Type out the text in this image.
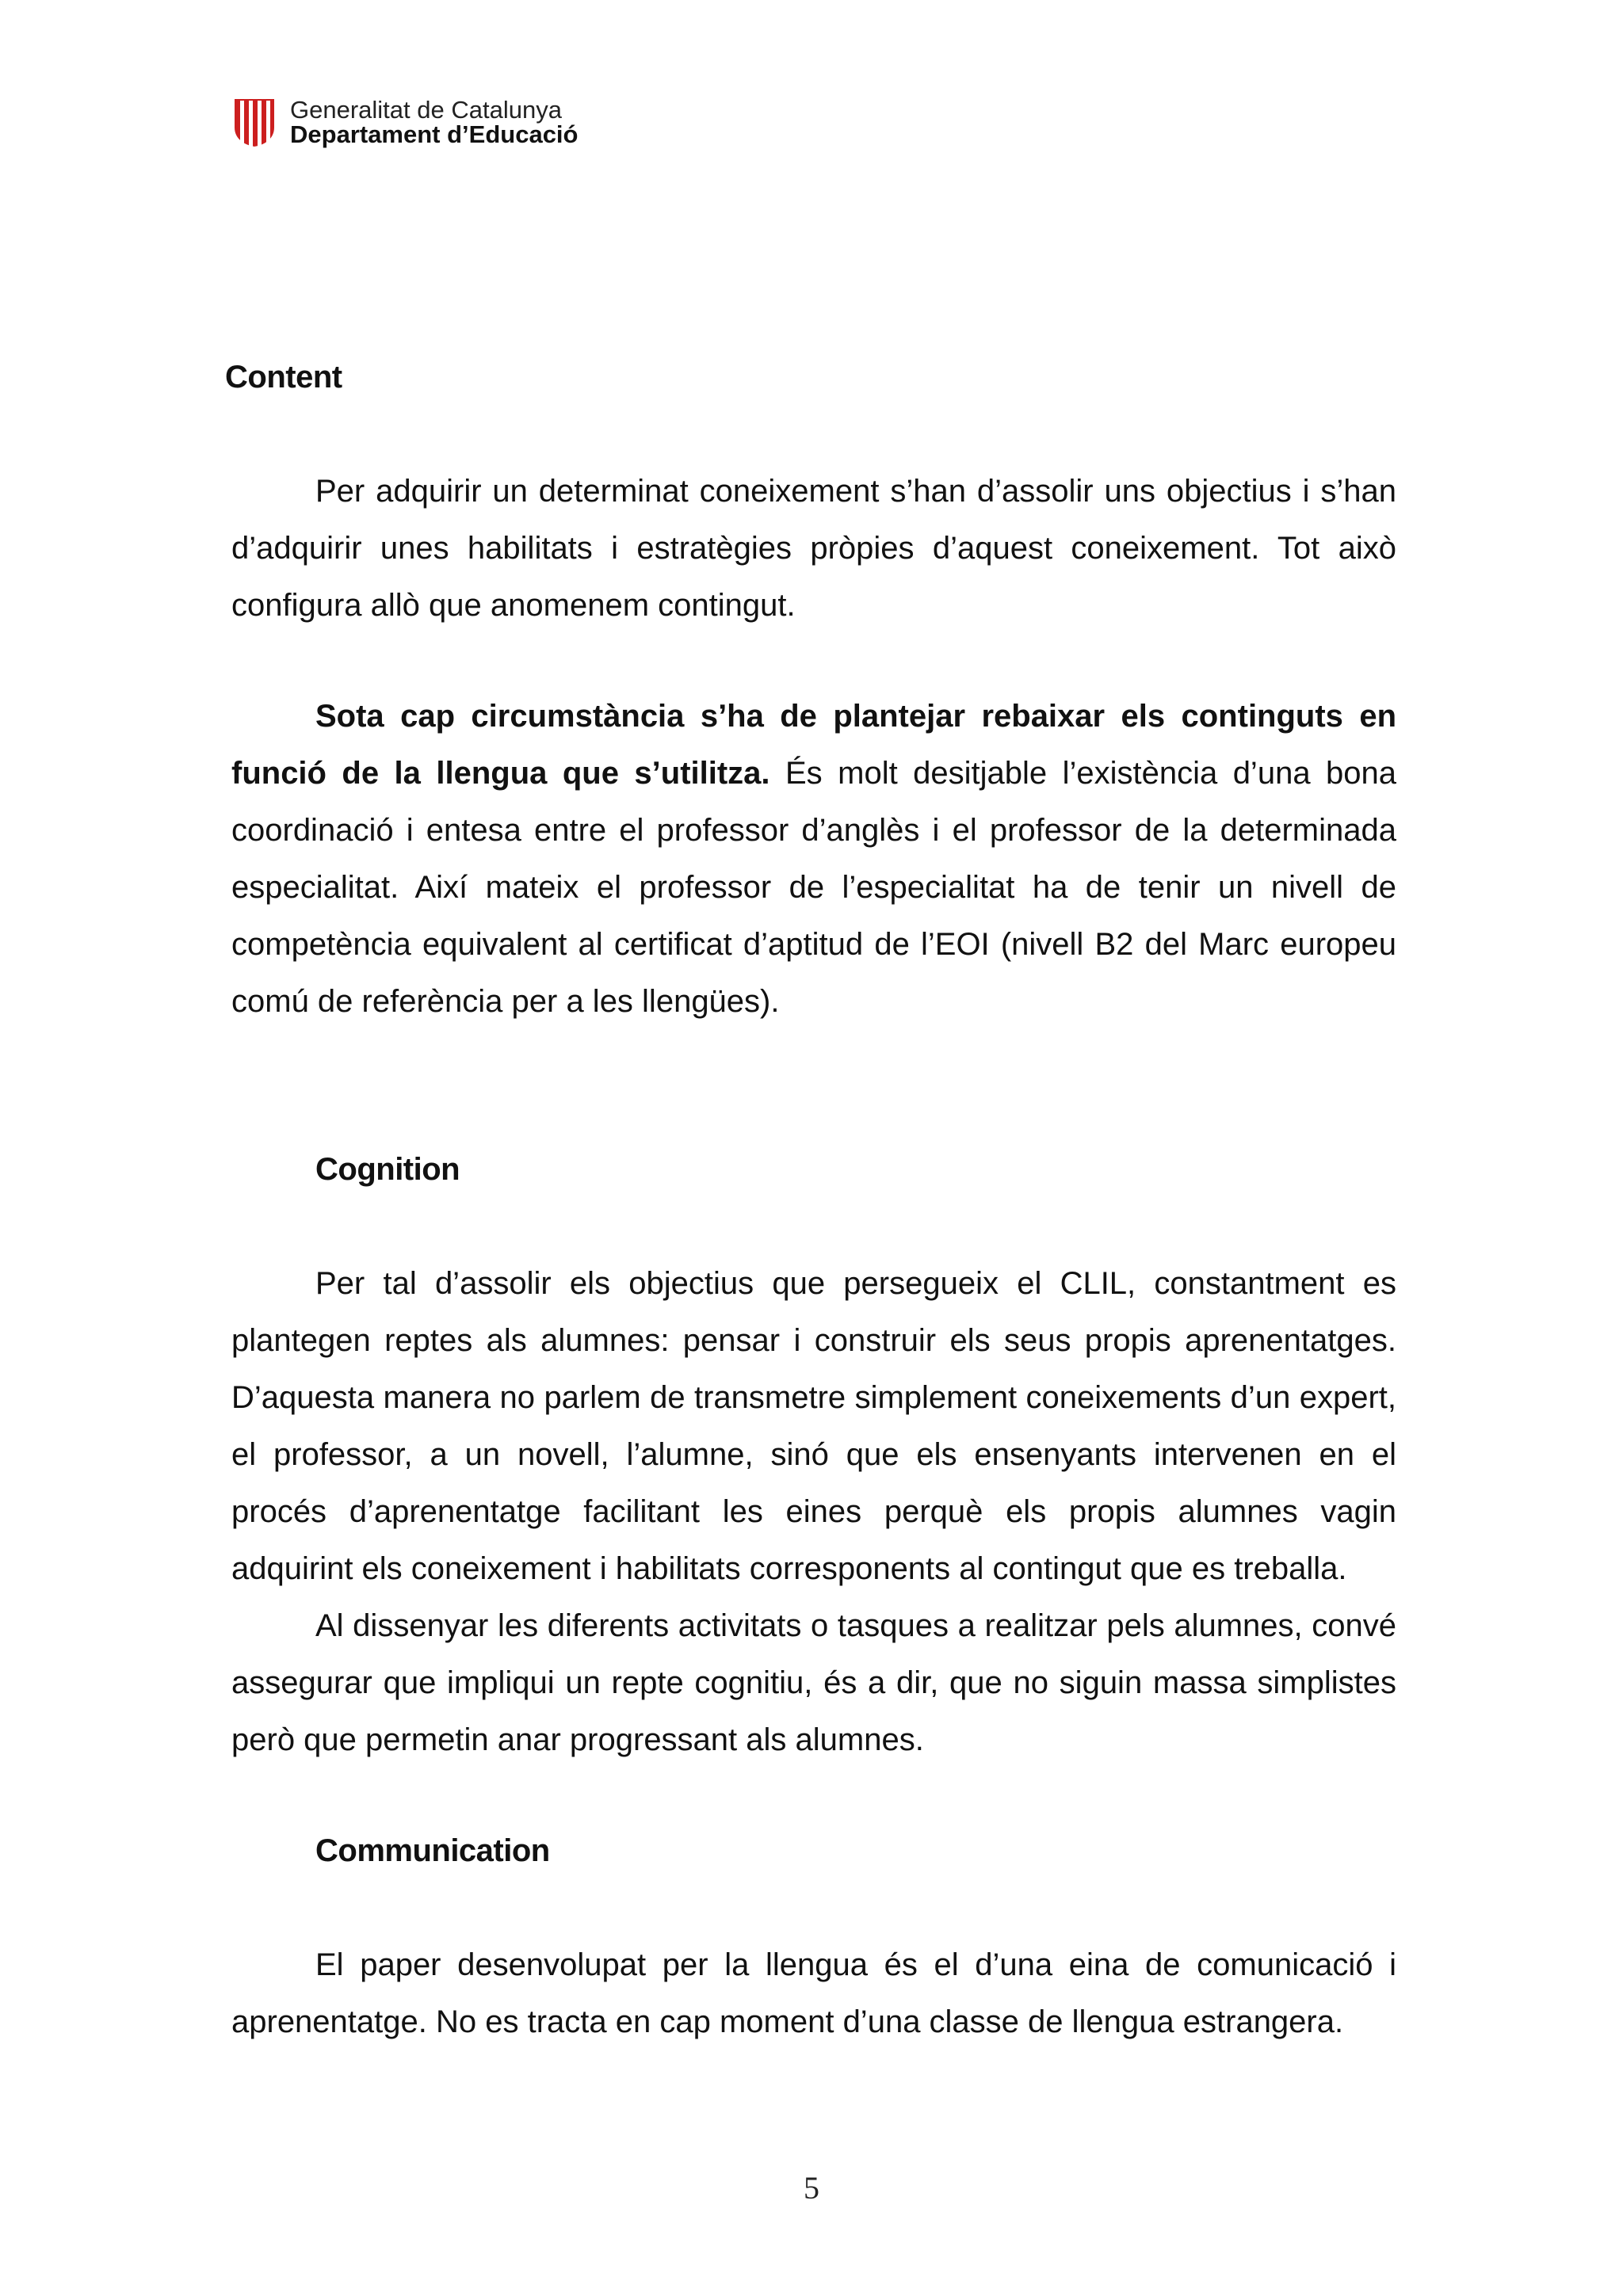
Generalitat de Catalunya
Departament d’Educació
Content

Per adquirir un determinat coneixement s’han d’assolir uns objectius i s’han d’adquirir unes habilitats i estratègies pròpies d’aquest coneixement. Tot això configura allò que anomenem contingut.

Sota cap circumstància s’ha de plantejar rebaixar els continguts en funció de la llengua que s’utilitza. És molt desitjable l’existència d’una bona coordinació i entesa entre el professor d’anglès i el professor de la determinada especialitat. Així mateix el professor de l’especialitat ha de tenir un nivell de competència equivalent al certificat d’aptitud de l’EOI (nivell B2 del Marc europeu comú de referència per a les llengües).

Cognition

Per tal d’assolir els objectius que persegueix el CLIL, constantment es plantegen reptes als alumnes: pensar i construir els seus propis aprenentatges. D’aquesta manera no parlem de transmetre simplement coneixements d’un expert, el professor, a un novell, l’alumne, sinó que els ensenyants intervenen en el procés d’aprenentatge facilitant les eines perquè els propis alumnes vagin adquirint els coneixement i habilitats corresponents al contingut que es treballa.

Al dissenyar les diferents activitats o tasques a realitzar pels alumnes, convé assegurar que impliqui un repte cognitiu, és a dir, que no siguin massa simplistes però que permetin anar progressant als alumnes.

Communication

El paper desenvolupat per la llengua és el d’una eina de comunicació i aprenentatge. No es tracta en cap moment d’una classe de llengua estrangera.

5
